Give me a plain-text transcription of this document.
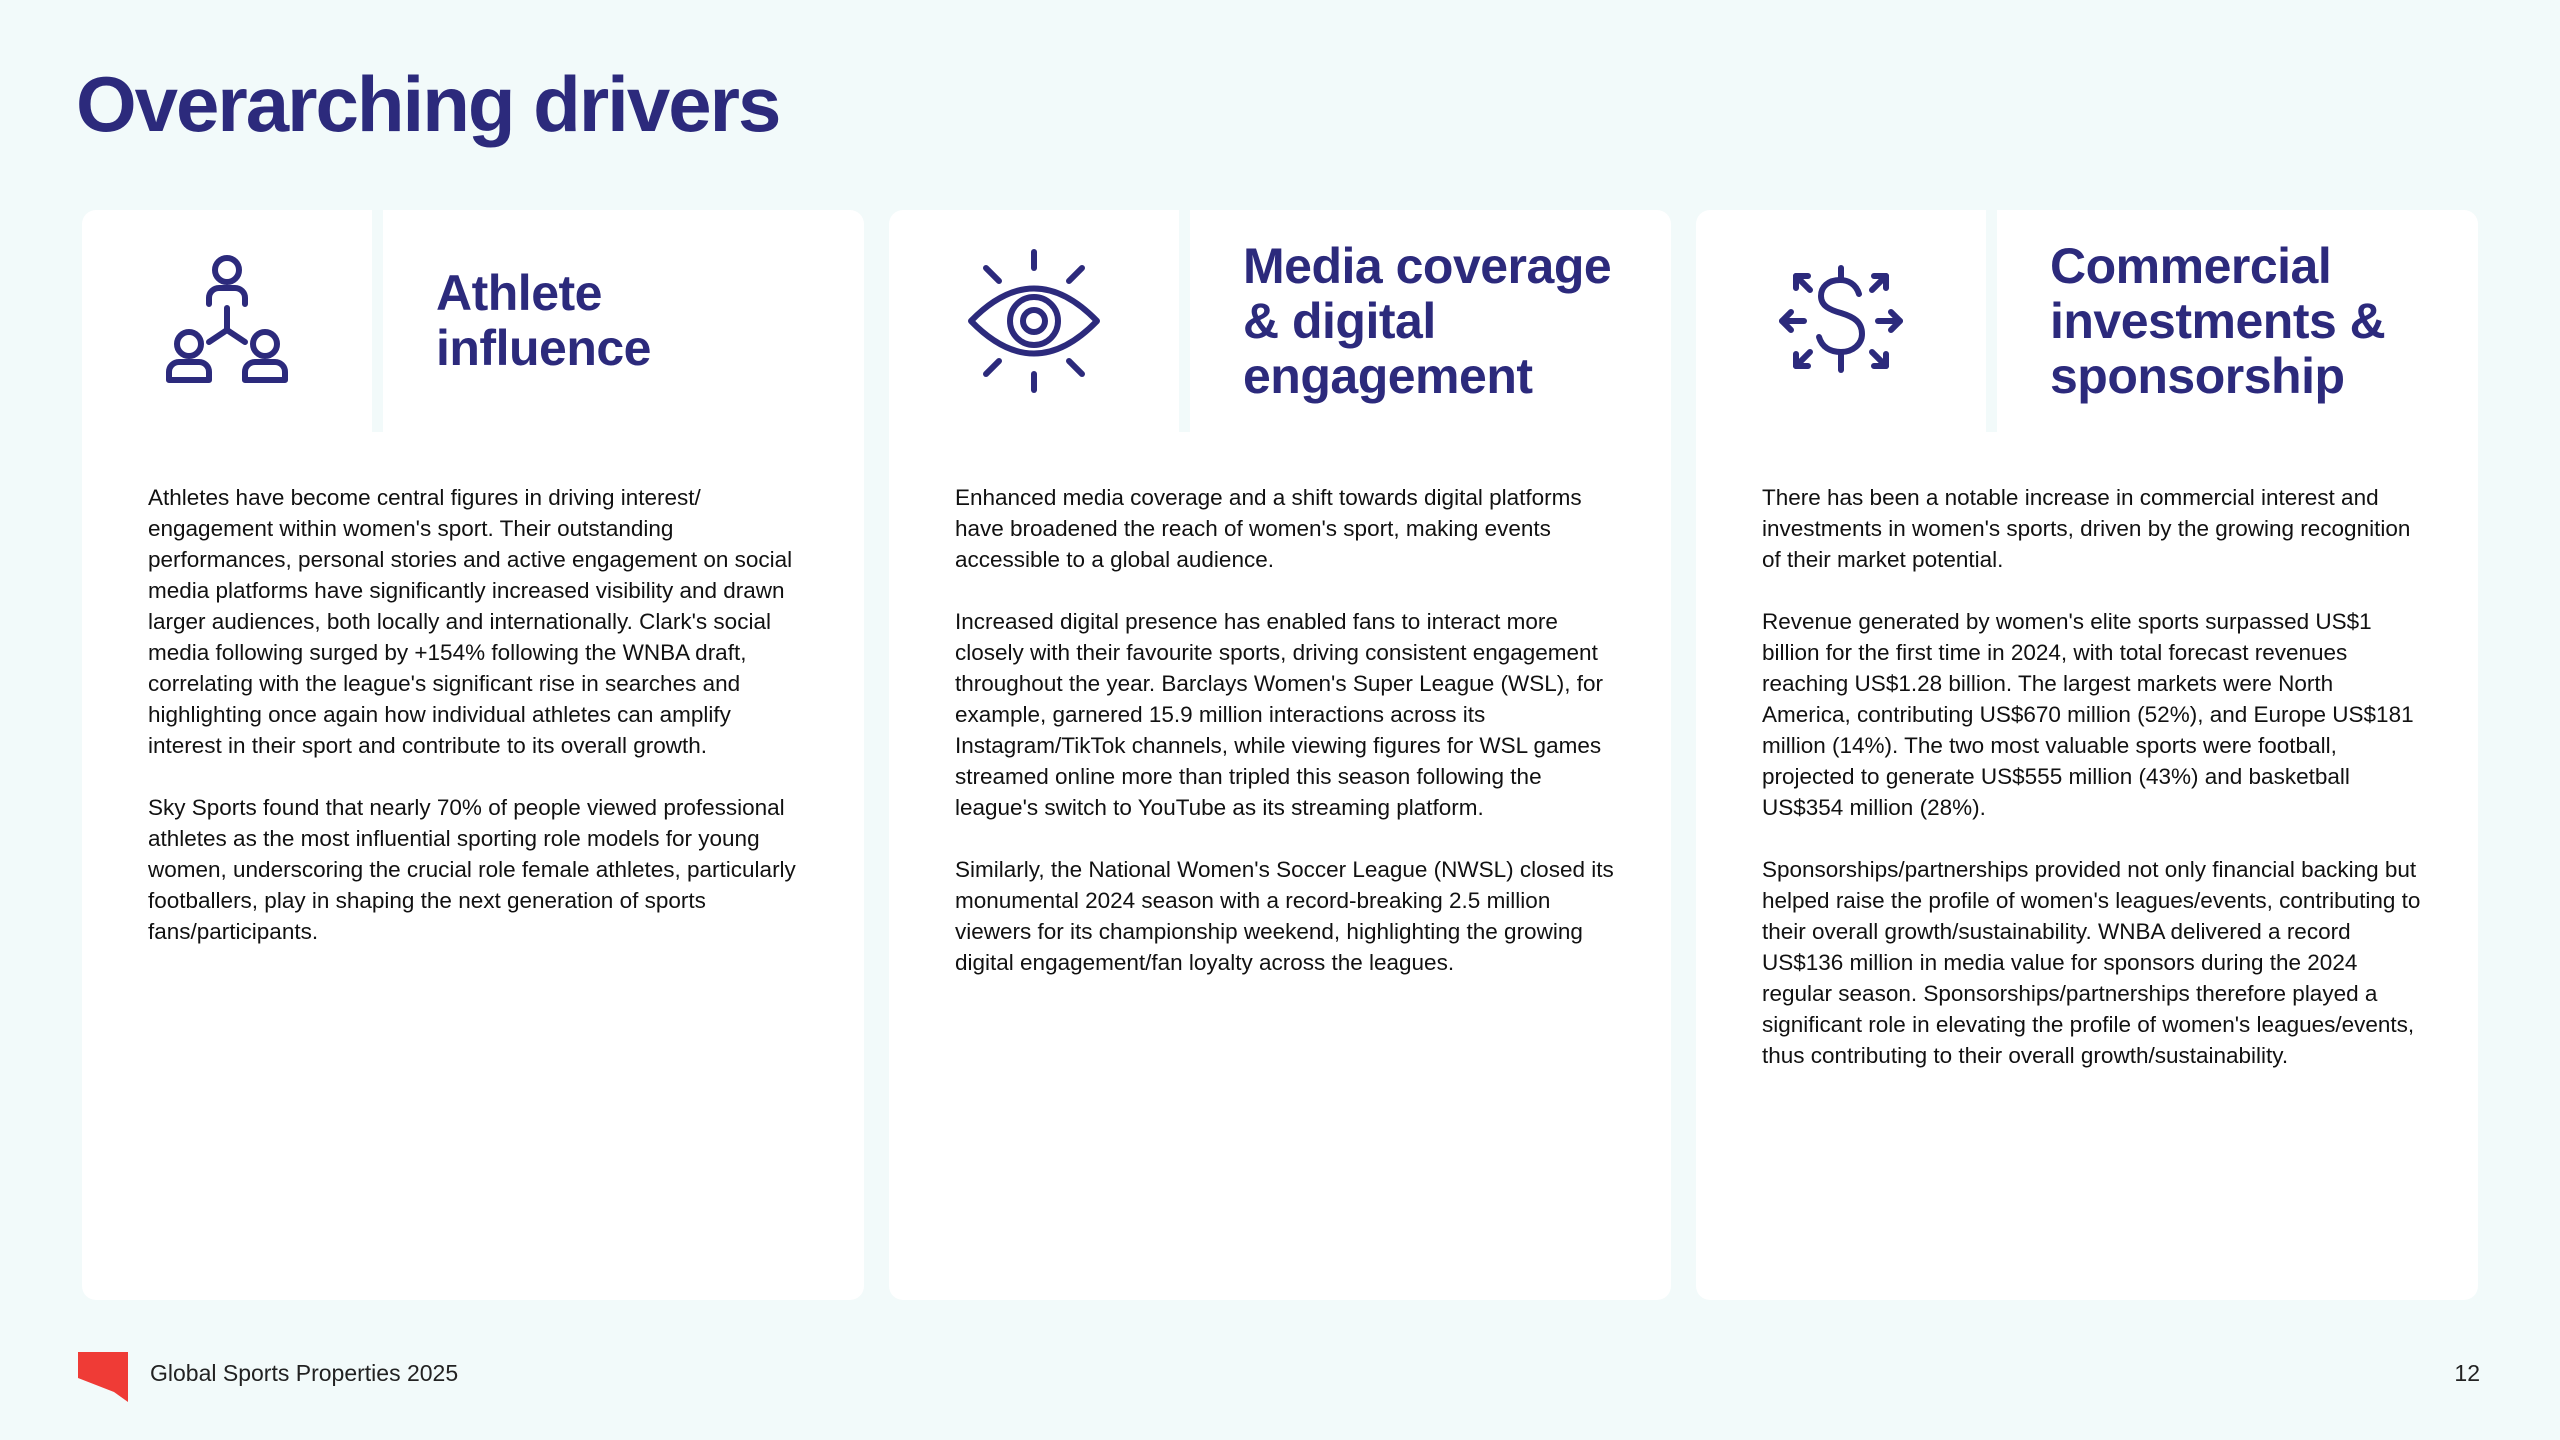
Overarching drivers
Athlete
influence

Athletes have become central figures in driving interest/ engagement within women's sport. Their outstanding performances, personal stories and active engagement on social media platforms have significantly increased visibility and drawn larger audiences, both locally and internationally. Clark's social media following surged by +154% following the WNBA draft, correlating with the league's significant rise in searches and highlighting once again how individual athletes can amplify interest in their sport and contribute to its overall growth.

Sky Sports found that nearly 70% of people viewed professional athletes as the most influential sporting role models for young women, underscoring the crucial role female athletes, particularly footballers, play in shaping the next generation of sports fans/participants.

Media coverage
& digital
engagement

Enhanced media coverage and a shift towards digital platforms have broadened the reach of women's sport, making events accessible to a global audience.

Increased digital presence has enabled fans to interact more closely with their favourite sports, driving consistent engagement throughout the year. Barclays Women's Super League (WSL), for example, garnered 15.9 million interactions across its Instagram/TikTok channels, while viewing figures for WSL games streamed online more than tripled this season following the league's switch to YouTube as its streaming platform.

Similarly, the National Women's Soccer League (NWSL) closed its monumental 2024 season with a record-breaking 2.5 million viewers for its championship weekend, highlighting the growing digital engagement/fan loyalty across the leagues.

Commercial
investments &
sponsorship

There has been a notable increase in commercial interest and investments in women's sports, driven by the growing recognition of their market potential.

Revenue generated by women's elite sports surpassed US$1 billion for the first time in 2024, with total forecast revenues reaching US$1.28 billion. The largest markets were North America, contributing US$670 million (52%), and Europe US$181 million (14%). The two most valuable sports were football, projected to generate US$555 million (43%) and basketball US$354 million (28%).

Sponsorships/partnerships provided not only financial backing but helped raise the profile of women's leagues/events, contributing to their overall growth/sustainability. WNBA delivered a record US$136 million in media value for sponsors during the 2024 regular season. Sponsorships/partnerships therefore played a significant role in elevating the profile of women's leagues/events, thus contributing to their overall growth/sustainability.

Global Sports Properties 2025	12
